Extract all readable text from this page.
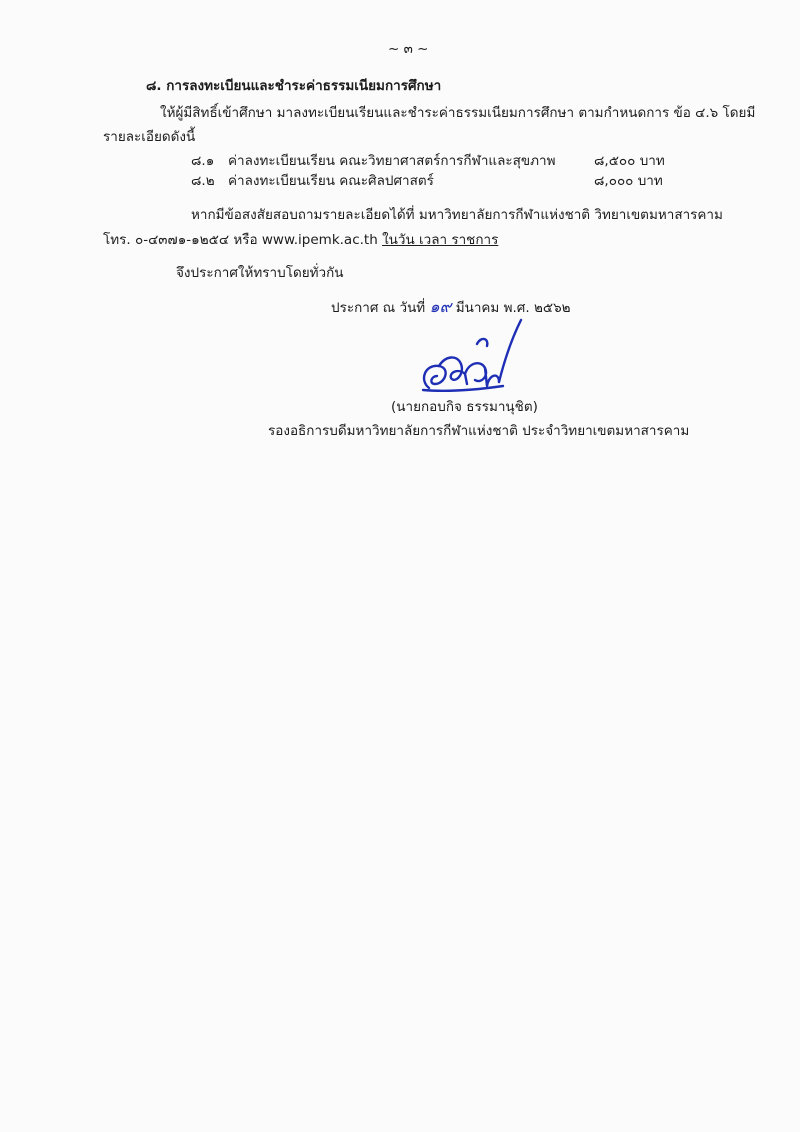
~ ๓ ~
๘. การลงทะเบียนและชำระค่าธรรมเนียมการศึกษา
ให้ผู้มีสิทธิ์เข้าศึกษา มาลงทะเบียนเรียนและชำระค่าธรรมเนียมการศึกษา ตามกำหนดการ ข้อ ๔.๖ โดยมี
รายละเอียดดังนี้
๘.๑ ค่าลงทะเบียนเรียน คณะวิทยาศาสตร์การกีฬาและสุขภาพ	๘,๕๐๐ บาท
๘.๒ ค่าลงทะเบียนเรียน คณะศิลปศาสตร์	๘,๐๐๐ บาท
หากมีข้อสงสัยสอบถามรายละเอียดได้ที่ มหาวิทยาลัยการกีฬาแห่งชาติ วิทยาเขตมหาสารคาม
โทร. ๐-๔๓๗๑-๑๒๕๔ หรือ www.ipemk.ac.th ในวัน เวลา ราชการ
จึงประกาศให้ทราบโดยทั่วกัน
ประกาศ ณ วันที่ ๑๙ มีนาคม พ.ศ. ๒๕๖๒
(นายกอบกิจ ธรรมานุชิต)
รองอธิการบดีมหาวิทยาลัยการกีฬาแห่งชาติ ประจำวิทยาเขตมหาสารคาม
